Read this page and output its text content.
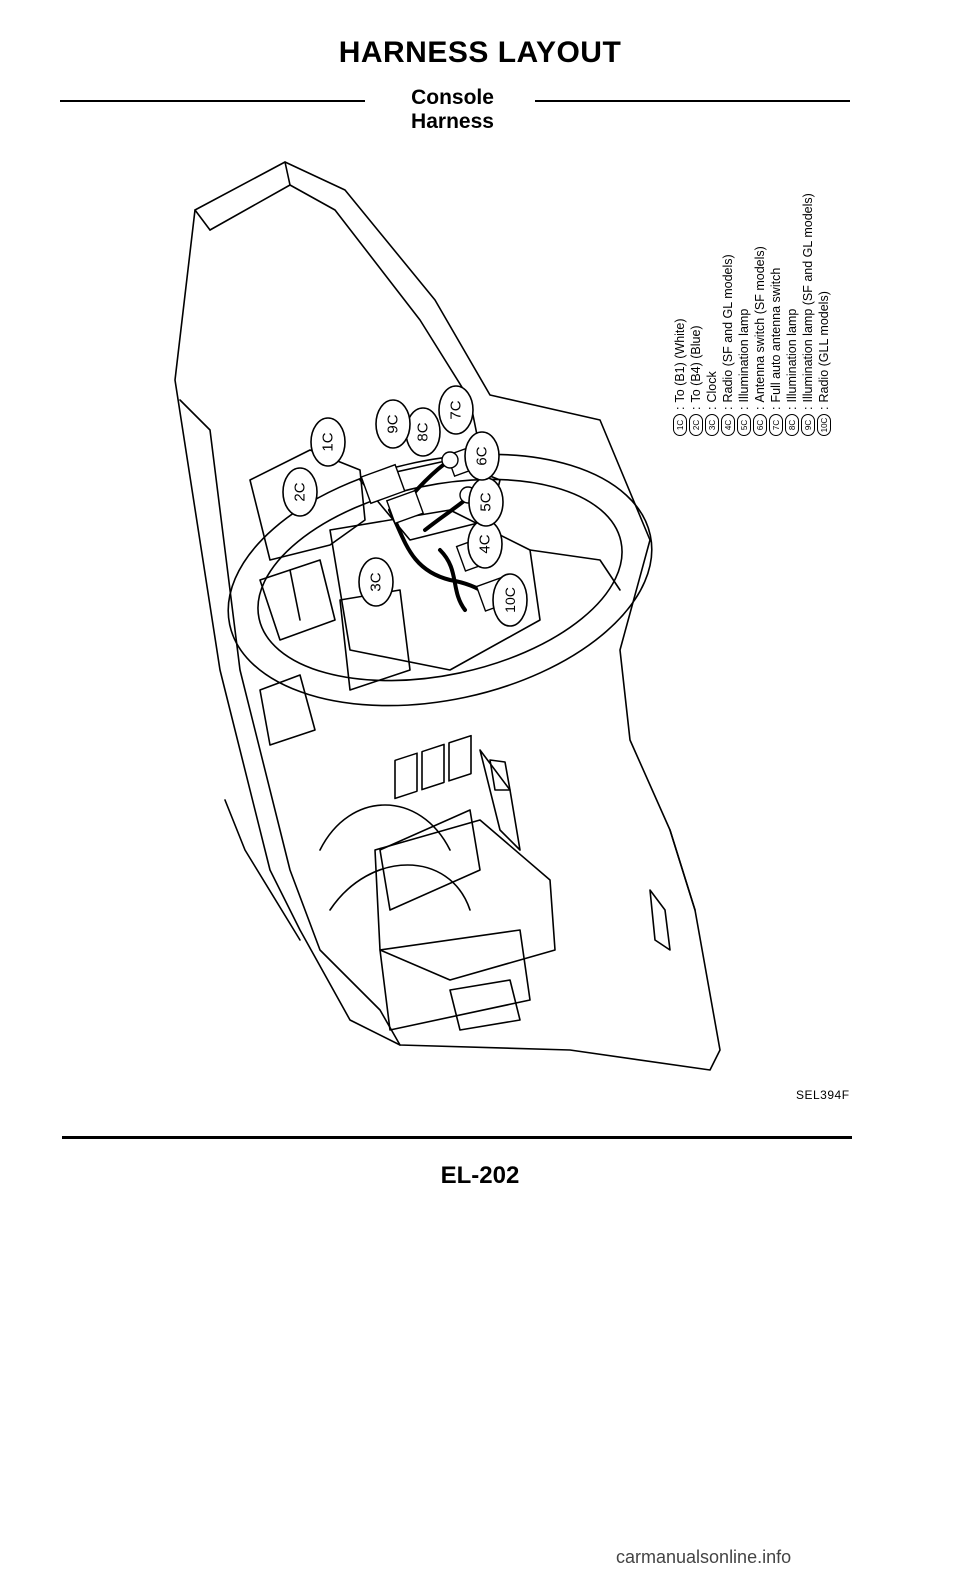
HARNESS LAYOUT
Console Harness
1C
2C
3C
4C
5C
6C
7C
8C
9C
10C
1C
:
To (B1) (White)
2C
:
To (B4) (Blue)
3C
:
Clock
4C
:
Radio (SF and GL models)
5C
:
Illumination lamp
6C
:
Antenna switch (SF models)
7C
:
Full auto antenna switch
8C
:
Illumination lamp
9C
:
Illumination lamp (SF and GL models)
10C
:
Radio (GLL models)
SEL394F
EL-202
carmanualsonline.info
